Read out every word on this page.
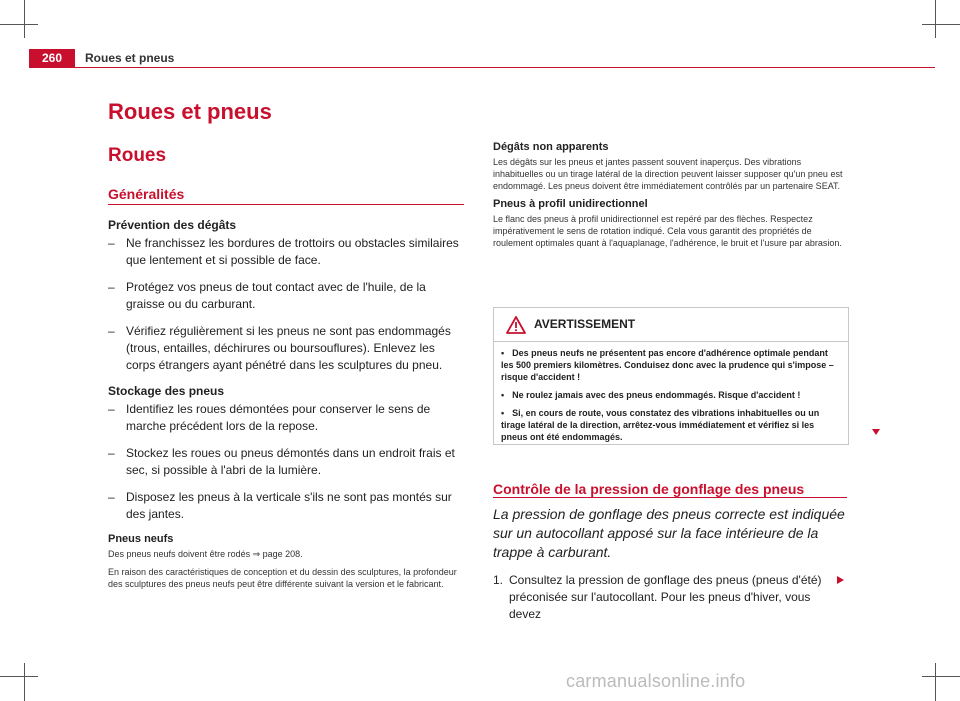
260	Roues et pneus
Roues et pneus
Roues
Généralités

Prévention des dégâts

– Ne franchissez les bordures de trottoirs ou obstacles similaires que lentement et si possible de face.
– Protégez vos pneus de tout contact avec de l'huile, de la graisse ou du carburant.
– Vérifiez régulièrement si les pneus ne sont pas endommagés (trous, entailles, déchirures ou boursouflures). Enlevez les corps étrangers ayant pénétré dans les sculptures du pneu.

Stockage des pneus

– Identifiez les roues démontées pour conserver le sens de marche précédent lors de la repose.
– Stockez les roues ou pneus démontés dans un endroit frais et sec, si possible à l'abri de la lumière.
– Disposez les pneus à la verticale s'ils ne sont pas montés sur des jantes.

Pneus neufs

Des pneus neufs doivent être rodés ⇒ page 208.

En raison des caractéristiques de conception et du dessin des sculptures, la profondeur des sculptures des pneus neufs peut être différente suivant la version et le fabricant.

Dégâts non apparents

Les dégâts sur les pneus et jantes passent souvent inaperçus. Des vibrations inhabituelles ou un tirage latéral de la direction peuvent laisser supposer qu'un pneu est endommagé. Les pneus doivent être immédiatement contrôlés par un partenaire SEAT.

Pneus à profil unidirectionnel

Le flanc des pneus à profil unidirectionnel est repéré par des flèches. Respectez impérativement le sens de rotation indiqué. Cela vous garantit des propriétés de roulement optimales quant à l'aquaplanage, l'adhérence, le bruit et l'usure par abrasion.

AVERTISSEMENT

• Des pneus neufs ne présentent pas encore d'adhérence optimale pendant les 500 premiers kilomètres. Conduisez donc avec la prudence qui s'impose – risque d'accident !

• Ne roulez jamais avec des pneus endommagés. Risque d'accident !

• Si, en cours de route, vous constatez des vibrations inhabituelles ou un tirage latéral de la direction, arrêtez-vous immédiatement et vérifiez si les pneus ont été endommagés.

Contrôle de la pression de gonflage des pneus

La pression de gonflage des pneus correcte est indiquée sur un autocollant apposé sur la face intérieure de la trappe à carburant.

1. Consultez la pression de gonflage des pneus (pneus d'été) préconisée sur l'autocollant. Pour les pneus d'hiver, vous devez

carmanualsonline.info
